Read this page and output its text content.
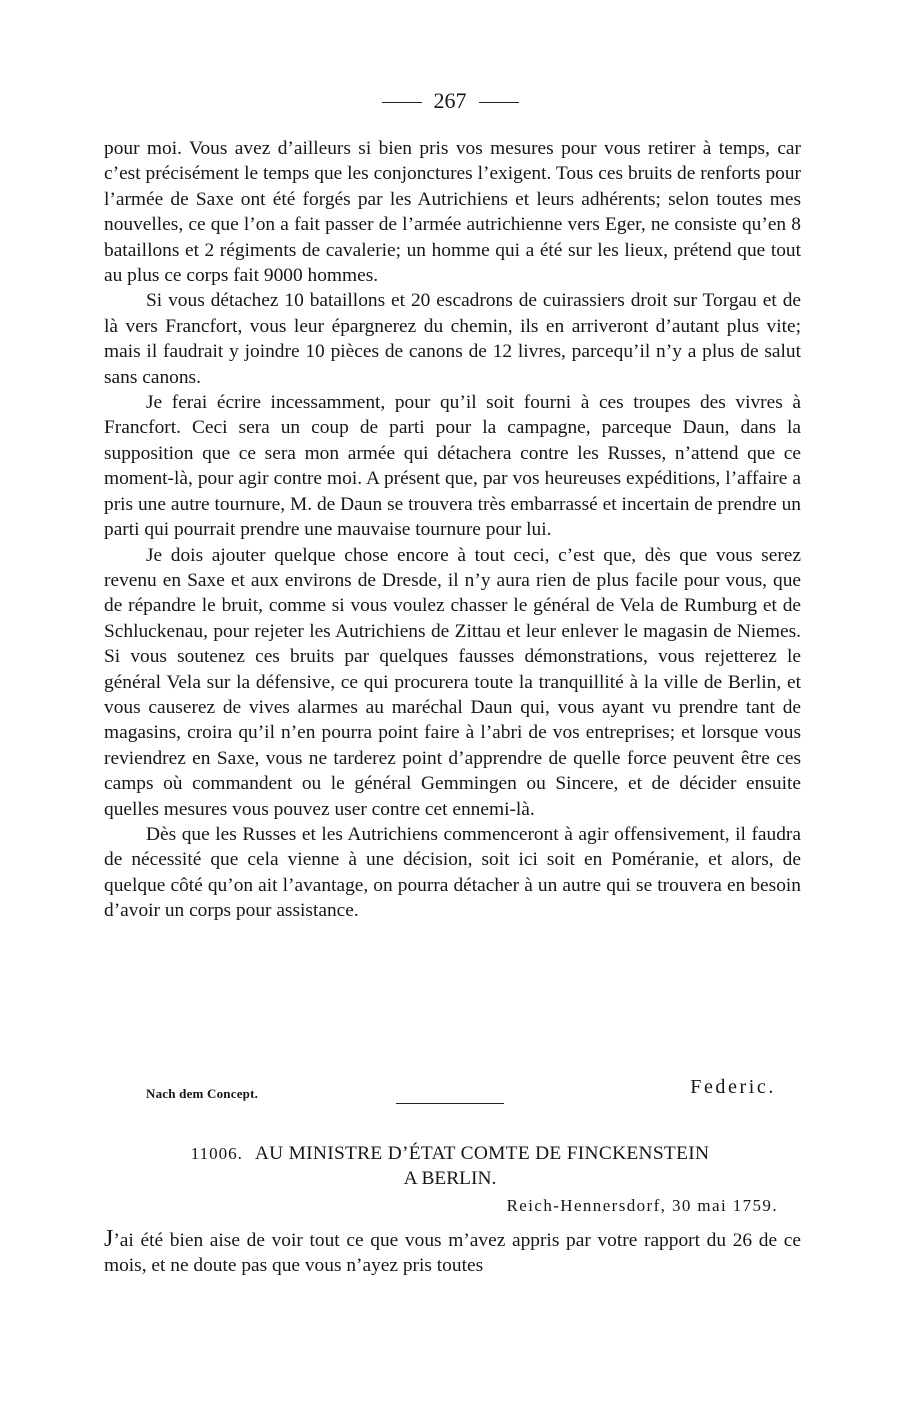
267

pour moi. Vous avez d’ailleurs si bien pris vos mesures pour vous retirer à temps, car c’est précisément le temps que les conjonctures l’exigent. Tous ces bruits de renforts pour l’armée de Saxe ont été forgés par les Autrichiens et leurs adhérents; selon toutes mes nouvelles, ce que l’on a fait passer de l’armée autrichienne vers Eger, ne consiste qu’en 8 bataillons et 2 régiments de cavalerie; un homme qui a été sur les lieux, prétend que tout au plus ce corps fait 9000 hommes.

Si vous détachez 10 bataillons et 20 escadrons de cuirassiers droit sur Torgau et de là vers Francfort, vous leur épargnerez du chemin, ils en arriveront d’autant plus vite; mais il faudrait y joindre 10 pièces de canons de 12 livres, parcequ’il n’y a plus de salut sans canons.

Je ferai écrire incessamment, pour qu’il soit fourni à ces troupes des vivres à Francfort. Ceci sera un coup de parti pour la campagne, parceque Daun, dans la supposition que ce sera mon armée qui détachera contre les Russes, n’attend que ce moment-là, pour agir contre moi. A présent que, par vos heureuses expéditions, l’affaire a pris une autre tournure, M. de Daun se trouvera très embarrassé et incertain de prendre un parti qui pourrait prendre une mauvaise tournure pour lui.

Je dois ajouter quelque chose encore à tout ceci, c’est que, dès que vous serez revenu en Saxe et aux environs de Dresde, il n’y aura rien de plus facile pour vous, que de répandre le bruit, comme si vous voulez chasser le général de Vela de Rumburg et de Schluckenau, pour rejeter les Autrichiens de Zittau et leur enlever le magasin de Niemes. Si vous soutenez ces bruits par quelques fausses démonstrations, vous rejetterez le général Vela sur la défensive, ce qui procurera toute la tranquillité à la ville de Berlin, et vous causerez de vives alarmes au maréchal Daun qui, vous ayant vu prendre tant de magasins, croira qu’il n’en pourra point faire à l’abri de vos entreprises; et lorsque vous reviendrez en Saxe, vous ne tarderez point d’apprendre de quelle force peuvent être ces camps où commandent ou le général Gemmingen ou Sincere, et de décider ensuite quelles mesures vous pouvez user contre cet ennemi-là.

Dès que les Russes et les Autrichiens commenceront à agir offensivement, il faudra de nécessité que cela vienne à une décision, soit ici soit en Poméranie, et alors, de quelque côté qu’on ait l’avantage, on pourra détacher à un autre qui se trouvera en besoin d’avoir un corps pour assistance.

Nach dem Concept.	Federic.
11006. AU MINISTRE D’ÉTAT COMTE DE FINCKENSTEIN
A BERLIN.
Reich-Hennersdorf, 30 mai 1759.

J’ai été bien aise de voir tout ce que vous m’avez appris par votre rapport du 26 de ce mois, et ne doute pas que vous n’ayez pris toutes
